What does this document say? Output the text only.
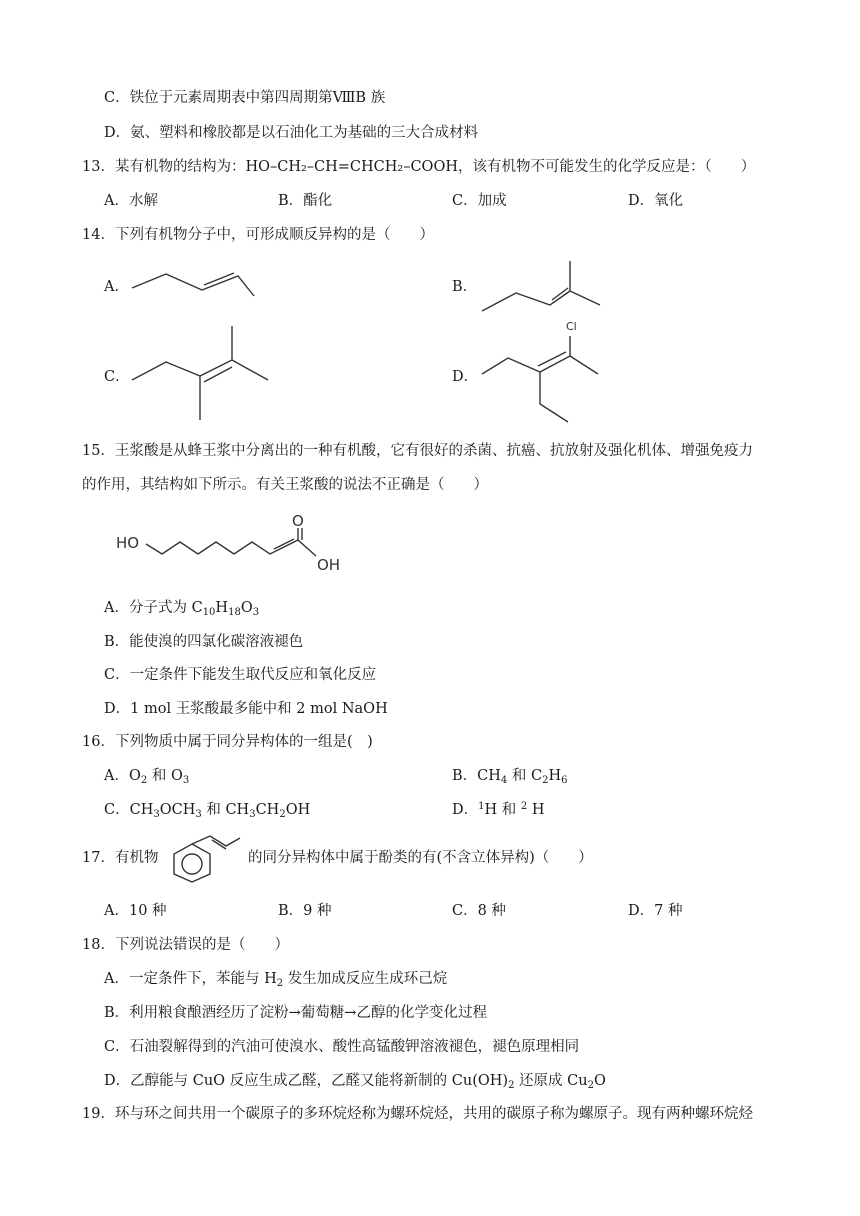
C．铁位于元素周期表中第四周期第ⅧB 族
D．氨、塑料和橡胶都是以石油化工为基础的三大合成材料
13．某有机物的结构为：HO–CH₂–CH=CHCH₂–COOH，该有机物不可能发生的化学反应是：（　　）
A．水解	B．酯化	C．加成	D．氧化
14．下列有机物分子中，可形成顺反异构的是（　　）
A．	B．
C．	D．
Cl
15．王浆酸是从蜂王浆中分离出的一种有机酸，它有很好的杀菌、抗癌、抗放射及强化机体、增强免疫力
的作用，其结构如下所示。有关王浆酸的说法不正确是（　　）
HO
O
OH
A．分子式为 $C_{10}H_{18}O_3$
B．能使溴的四氯化碳溶液褪色
C．一定条件下能发生取代反应和氧化反应
D．1 mol 王浆酸最多能中和 2 mol NaOH
16．下列物质中属于同分异构体的一组是(　)
A．$O_2$ 和 $O_3$	B．$CH_4$ 和 $C_2H_6$
C．$CH_3OCH_3$ 和 $CH_3CH_2OH$	D．$^1$H 和 $^2$ H
17．有机物	的同分异构体中属于酚类的有(不含立体异构)（　　）
A．10 种	B．9 种	C．8 种	D．7 种
18．下列说法错误的是（　　）
A．一定条件下，苯能与 $H_2$ 发生加成反应生成环己烷
B．利用粮食酿酒经历了淀粉→葡萄糖→乙醇的化学变化过程
C．石油裂解得到的汽油可使溴水、酸性高锰酸钾溶液褪色，褪色原理相同
D．乙醇能与 CuO 反应生成乙醛，乙醛又能将新制的 $Cu(OH)_2$ 还原成 $Cu_2O$
19．环与环之间共用一个碳原子的多环烷烃称为螺环烷烃，共用的碳原子称为螺原子。现有两种螺环烷烃
